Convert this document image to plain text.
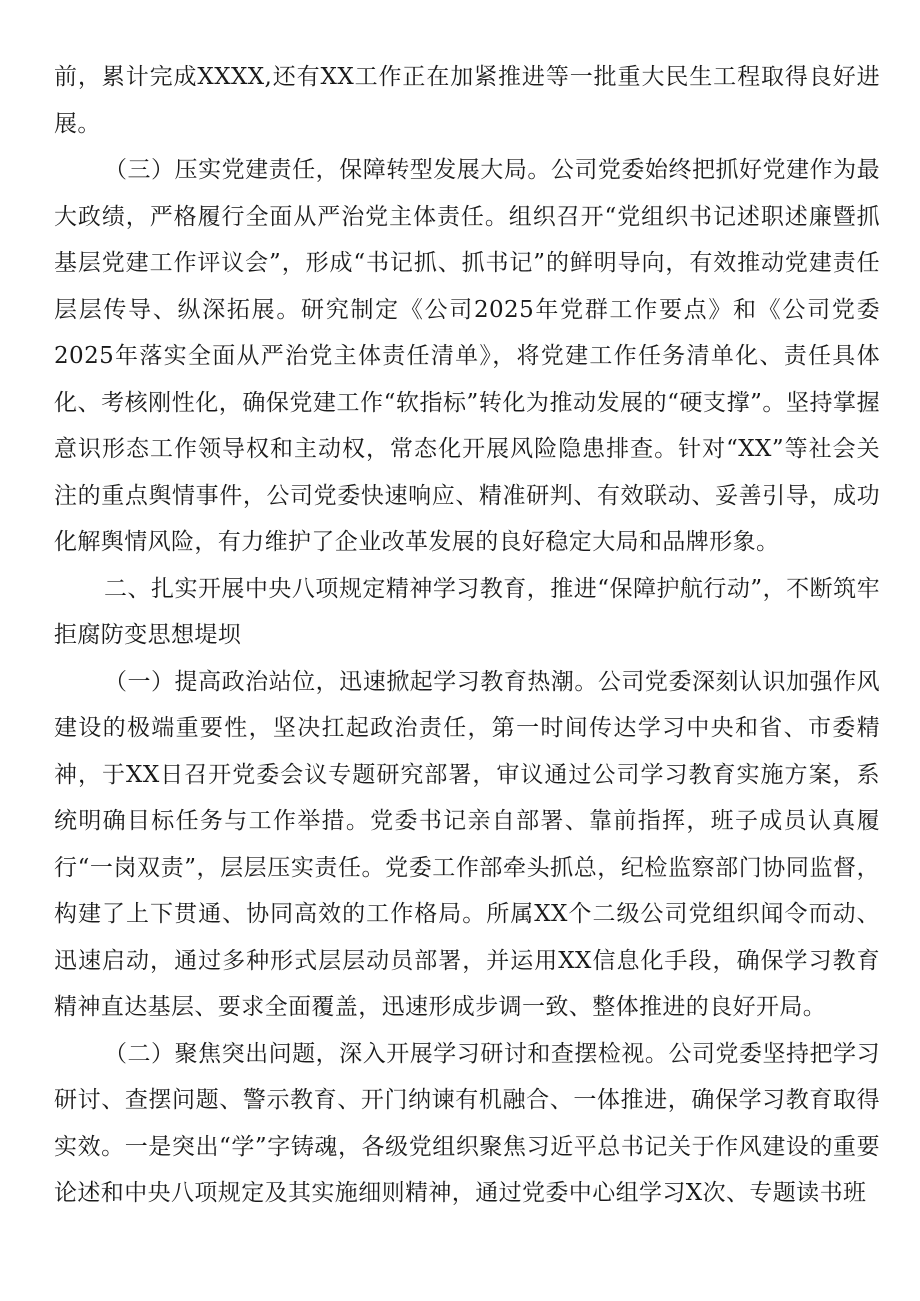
前，累计完成XXXX,还有XX工作正在加紧推进等一批重大民生工程取得良好进展。

（三）压实党建责任，保障转型发展大局。公司党委始终把抓好党建作为最大政绩，严格履行全面从严治党主体责任。组织召开“党组织书记述职述廉暨抓基层党建工作评议会”，形成“书记抓、抓书记”的鲜明导向，有效推动党建责任层层传导、纵深拓展。研究制定《公司2025年党群工作要点》和《公司党委2025年落实全面从严治党主体责任清单》，将党建工作任务清单化、责任具体化、考核刚性化，确保党建工作“软指标”转化为推动发展的“硬支撑”。坚持掌握意识形态工作领导权和主动权，常态化开展风险隐患排查。针对“XX”等社会关注的重点舆情事件，公司党委快速响应、精准研判、有效联动、妥善引导，成功化解舆情风险，有力维护了企业改革发展的良好稳定大局和品牌形象。

二、扎实开展中央八项规定精神学习教育，推进“保障护航行动”，不断筑牢拒腐防变思想堤坝

（一）提高政治站位，迅速掀起学习教育热潮。公司党委深刻认识加强作风建设的极端重要性，坚决扛起政治责任，第一时间传达学习中央和省、市委精神，于XX日召开党委会议专题研究部署，审议通过公司学习教育实施方案，系统明确目标任务与工作举措。党委书记亲自部署、靠前指挥，班子成员认真履行“一岗双责”，层层压实责任。党委工作部牵头抓总，纪检监察部门协同监督，构建了上下贯通、协同高效的工作格局。所属XX个二级公司党组织闻令而动、迅速启动，通过多种形式层层动员部署，并运用XX信息化手段，确保学习教育精神直达基层、要求全面覆盖，迅速形成步调一致、整体推进的良好开局。

（二）聚焦突出问题，深入开展学习研讨和查摆检视。公司党委坚持把学习研讨、查摆问题、警示教育、开门纳谏有机融合、一体推进，确保学习教育取得实效。一是突出“学”字铸魂，各级党组织聚焦习近平总书记关于作风建设的重要论述和中央八项规定及其实施细则精神，通过党委中心组学习X次、专题读书班
